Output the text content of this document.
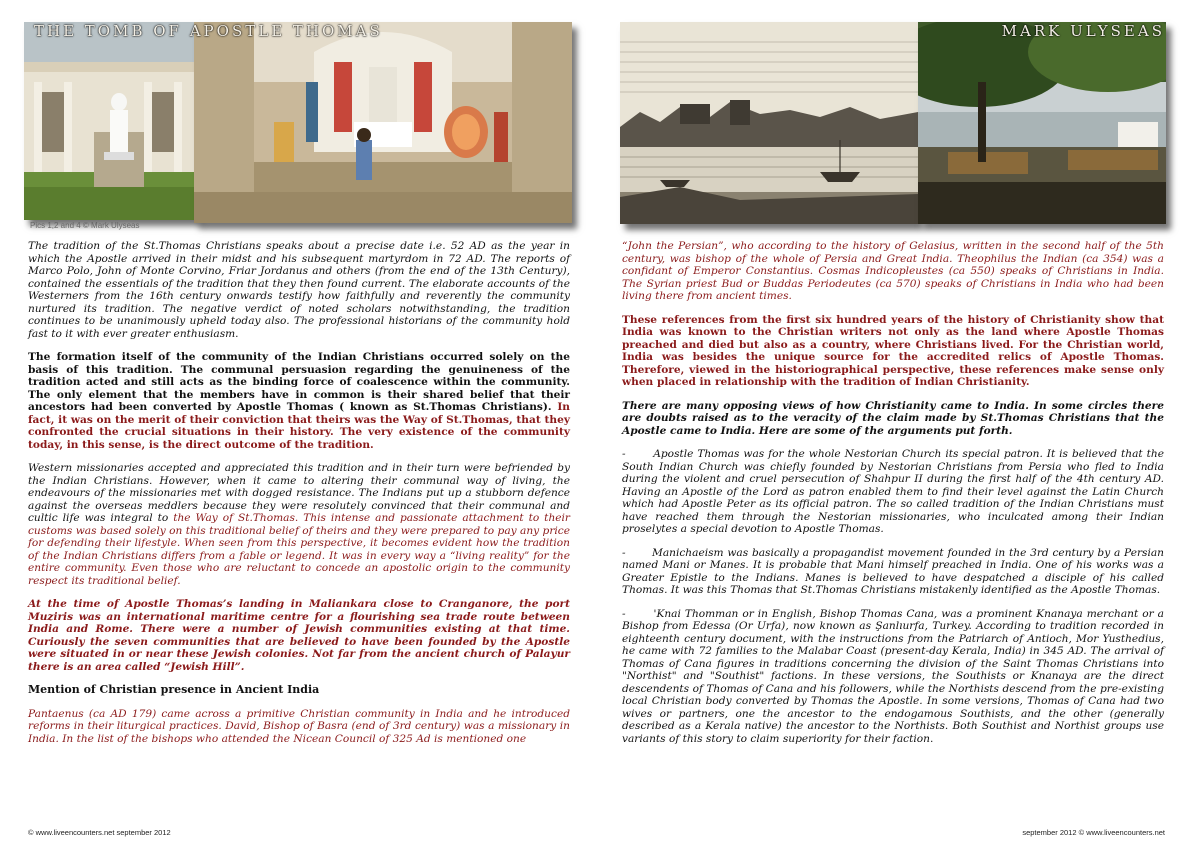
THE TOMB OF APOSTLE THOMAS
Pics 1,2 and 4 © Mark Ulyseas

The tradition of the St.Thomas Christians speaks about a precise date i.e. 52 AD as the year in which the Apostle arrived in their midst and his subsequent martyrdom in 72 AD. The reports of Marco Polo, John of Monte Corvino, Friar Jordanus and others (from the end of the 13th Century), contained the essentials of the tradition that they then found current. The elaborate accounts of the Westerners from the 16th century onwards testify how faithfully and reverently the community nurtured its tradition. The negative verdict of noted scholars notwithstanding, the tradition continues to be unanimously upheld today also. The professional historians of the community hold fast to it with ever greater enthusiasm.

The formation itself of the community of the Indian Christians occurred solely on the basis of this tradition. The communal persuasion regarding the genuineness of the tradition acted and still acts as the binding force of coalescence within the community. The only element that the members have in common is their shared belief that their ancestors had been converted by Apostle Thomas ( known as St.Thomas Christians). In fact, it was on the merit of their conviction that theirs was the Way of St.Thomas, that they confronted the crucial situations in their history. The very existence of the community today, in this sense, is the direct outcome of the tradition.

Western missionaries accepted and appreciated this tradition and in their turn were befriended by the Indian Christians. However, when it came to altering their communal way of living, the endeavours of the missionaries met with dogged resistance. The Indians put up a stubborn defence against the overseas meddlers because they were resolutely convinced that their communal and cultic life was integral to the Way of St.Thomas. This intense and passionate attachment to their customs was based solely on this traditional belief of theirs and they were prepared to pay any price for defending their lifestyle. When seen from this perspective, it becomes evident how the tradition of the Indian Christians differs from a fable or legend. It was in every way a “living reality” for the entire community. Even those who are reluctant to concede an apostolic origin to the community respect its traditional belief.

At the time of Apostle Thomas’s landing in Maliankara close to Cranganore, the port Muziris was an international maritime centre for a flourishing sea trade route between India and Rome. There were a number of Jewish communities existing at that time. Curiously the seven communities that are believed to have been founded by the Apostle were situated in or near these Jewish colonies. Not far from the ancient church of Palayur there is an area called “Jewish Hill”.

Mention of Christian presence in Ancient India

Pantaenus (ca AD 179) came across a primitive Christian community in India and he introduced reforms in their liturgical practices. David, Bishop of Basra (end of 3rd century) was a missionary in India. In the list of the bishops who attended the Nicean Council of 325 Ad is mentioned one

© www.liveencounters.net september 2012
MARK ULYSEAS

“John the Persian”, who according to the history of Gelasius, written in the second half of the 5th century, was bishop of the whole of Persia and Great India. Theophilus the Indian (ca 354) was a confidant of Emperor Constantius. Cosmas Indicopleustes (ca 550) speaks of Christians in India. The Syrian priest Bud or Buddas Periodeutes (ca 570) speaks of Christians in India who had been living there from ancient times.

These references from the first six hundred years of the history of Christianity show that India was known to the Christian writers not only as the land where Apostle Thomas preached and died but also as a country, where Christians lived. For the Christian world, India was besides the unique source for the accredited relics of Apostle Thomas. Therefore, viewed in the historiographical perspective, these references make sense only when placed in relationship with the tradition of Indian Christianity.

There are many opposing views of how Christianity came to India. In some circles there are doubts raised as to the veracity of the claim made by St.Thomas Christians that the Apostle came to India. Here are some of the arguments put forth.

-       Apostle Thomas was for the whole Nestorian Church its special patron. It is believed that the South Indian Church was chiefly founded by Nestorian Christians from Persia who fled to India during the violent and cruel persecution of Shahpur II during the first half of the 4th century AD. Having an Apostle of the Lord as patron enabled them to find their level against the Latin Church which had Apostle Peter as its official patron. The so called tradition of the Indian Christians must have reached them through the Nestorian missionaries, who inculcated among their Indian proselytes a special devotion to Apostle Thomas.

-       Manichaeism was basically a propagandist movement founded in the 3rd century by a Persian named Mani or Manes. It is probable that Mani himself preached in India. One of his works was a Greater Epistle to the Indians. Manes is believed to have despatched a disciple of his called Thomas. It was this Thomas that St.Thomas Christians mistakenly identified as the Apostle Thomas.

-       'Knai Thomman or in English, Bishop Thomas Cana, was a prominent Knanaya merchant or a Bishop from Edessa (Or Urfa), now known as Şanlıurfa, Turkey. According to tradition recorded in eighteenth century document, with the instructions from the Patriarch of Antioch, Mor Yusthedius, he came with 72 families to the Malabar Coast (present-day Kerala, India) in 345 AD. The arrival of Thomas of Cana figures in traditions concerning the division of the Saint Thomas Christians into "Northist" and "Southist" factions. In these versions, the Southists or Knanaya are the direct descendents of Thomas of Cana and his followers, while the Northists descend from the pre-existing local Christian body converted by Thomas the Apostle. In some versions, Thomas of Cana had two wives or partners, one the ancestor to the endogamous Southists, and the other (generally described as a Kerala native) the ancestor to the Northists. Both Southist and Northist groups use variants of this story to claim superiority for their faction.

september 2012 © www.liveencounters.net
